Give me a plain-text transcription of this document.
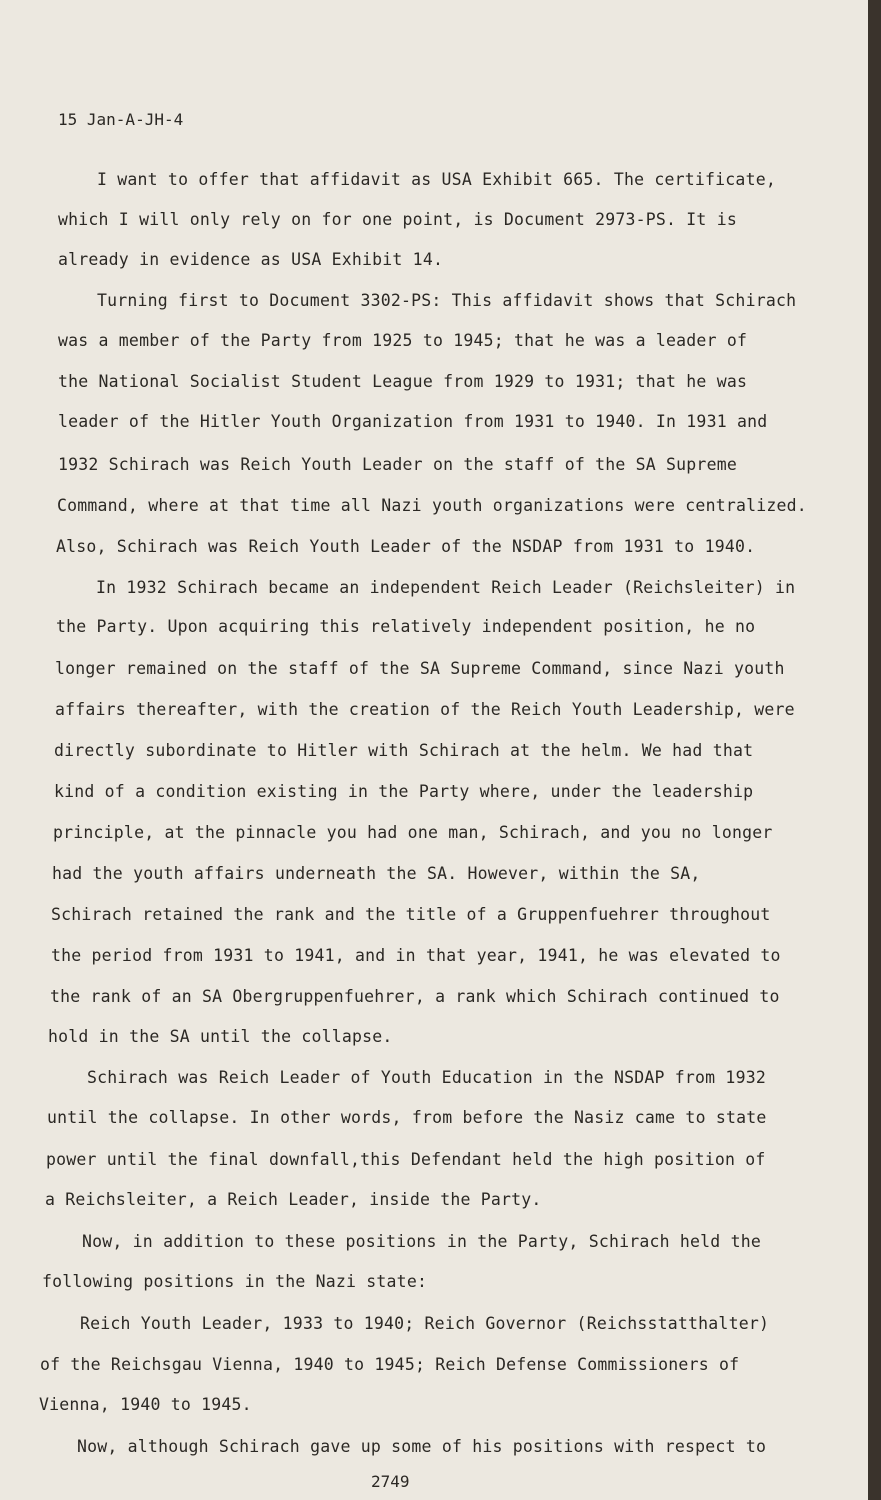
15 Jan-A-JH-4
I want to offer that affidavit as USA Exhibit 665. The certificate,
which I will only rely on for one point, is Document 2973-PS. It is
already in evidence as USA Exhibit 14.
Turning first to Document 3302-PS: This affidavit shows that Schirach
was a member of the Party from 1925 to 1945; that he was a leader of
the National Socialist Student League from 1929 to 1931; that he was
leader of the Hitler Youth Organization from 1931 to 1940. In 1931 and
1932 Schirach was Reich Youth Leader on the staff of the SA Supreme
Command, where at that time all Nazi youth organizations were centralized.
Also, Schirach was Reich Youth Leader of the NSDAP from 1931 to 1940.
In 1932 Schirach became an independent Reich Leader (Reichsleiter) in
the Party. Upon acquiring this relatively independent position, he no
longer remained on the staff of the SA Supreme Command, since Nazi youth
affairs thereafter, with the creation of the Reich Youth Leadership, were
directly subordinate to Hitler with Schirach at the helm. We had that
kind of a condition existing in the Party where, under the leadership
principle, at the pinnacle you had one man, Schirach, and you no longer
had the youth affairs underneath the SA. However, within the SA,
Schirach retained the rank and the title of a Gruppenfuehrer throughout
the period from 1931 to 1941, and in that year, 1941, he was elevated to
the rank of an SA Obergruppenfuehrer, a rank which Schirach continued to
hold in the SA until the collapse.
Schirach was Reich Leader of Youth Education in the NSDAP from 1932
until the collapse. In other words, from before the Nasiz came to state
power until the final downfall,this Defendant held the high position of
a Reichsleiter, a Reich Leader, inside the Party.
Now, in addition to these positions in the Party, Schirach held the
following positions in the Nazi state:
Reich Youth Leader, 1933 to 1940; Reich Governor (Reichsstatthalter)
of the Reichsgau Vienna, 1940 to 1945; Reich Defense Commissioners of
Vienna, 1940 to 1945.
Now, although Schirach gave up some of his positions with respect to
2749
